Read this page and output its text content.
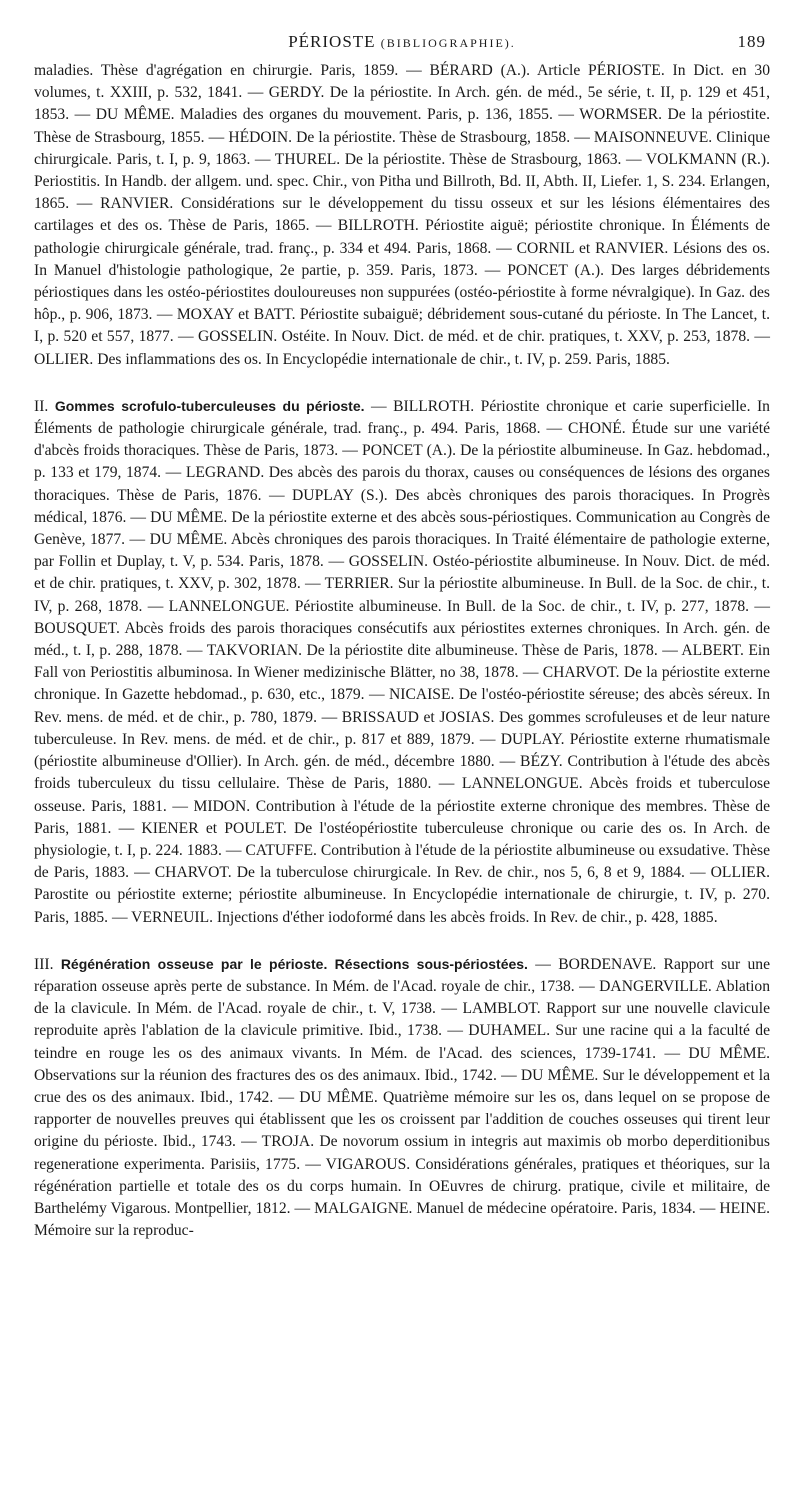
PÉRIOSTE (BIBLIOGRAPHIE).	189

maladies. Thèse d'agrégation en chirurgie. Paris, 1859. — BÉRARD (A.). Article PÉRIOSTE. In Dict. en 30 volumes, t. XXIII, p. 532, 1841. — GERDY. De la périostite. In Arch. gén. de méd., 5e série, t. II, p. 129 et 451, 1853. — DU MÊME. Maladies des organes du mouvement. Paris, p. 136, 1855. — WORMSER. De la périostite. Thèse de Strasbourg, 1855. — HÉDOIN. De la périostite. Thèse de Strasbourg, 1858. — MAISONNEUVE. Clinique chirurgicale. Paris, t. I, p. 9, 1863. — THUREL. De la périostite. Thèse de Strasbourg, 1863. — VOLKMANN (R.). Periostitis. In Handb. der allgem. und. spec. Chir., von Pitha und Billroth, Bd. II, Abth. II, Liefer. 1, S. 234. Erlangen, 1865. — RANVIER. Considérations sur le développement du tissu osseux et sur les lésions élémentaires des cartilages et des os. Thèse de Paris, 1865. — BILLROTH. Périostite aiguë; périostite chronique. In Éléments de pathologie chirurgicale générale, trad. franç., p. 334 et 494. Paris, 1868. — CORNIL et RANVIER. Lésions des os. In Manuel d'histologie pathologique, 2e partie, p. 359. Paris, 1873. — PONCET (A.). Des larges débridements périostiques dans les ostéo-périostites douloureuses non suppurées (ostéo-périostite à forme névralgique). In Gaz. des hôp., p. 906, 1873. — MOXAY et BATT. Périostite subaiguë; débridement sous-cutané du périoste. In The Lancet, t. I, p. 520 et 557, 1877. — GOSSELIN. Ostéite. In Nouv. Dict. de méd. et de chir. pratiques, t. XXV, p. 253, 1878. — OLLIER. Des inflammations des os. In Encyclopédie internationale de chir., t. IV, p. 259. Paris, 1885.

II. Gommes scrofulo-tuberculeuses du périoste. — BILLROTH. Périostite chronique et carie superficielle. In Éléments de pathologie chirurgicale générale, trad. franç., p. 494. Paris, 1868. — CHONÉ. Étude sur une variété d'abcès froids thoraciques. Thèse de Paris, 1873. — PONCET (A.). De la périostite albumineuse. In Gaz. hebdomad., p. 133 et 179, 1874. — LEGRAND. Des abcès des parois du thorax, causes ou conséquences de lésions des organes thoraciques. Thèse de Paris, 1876. — DUPLAY (S.). Des abcès chroniques des parois thoraciques. In Progrès médical, 1876. — DU MÊME. De la périostite externe et des abcès sous-périostiques. Communication au Congrès de Genève, 1877. — DU MÊME. Abcès chroniques des parois thoraciques. In Traité élémentaire de pathologie externe, par Follin et Duplay, t. V, p. 534. Paris, 1878. — GOSSELIN. Ostéo-périostite albumineuse. In Nouv. Dict. de méd. et de chir. pratiques, t. XXV, p. 302, 1878. — TERRIER. Sur la périostite albumineuse. In Bull. de la Soc. de chir., t. IV, p. 268, 1878. — LANNELONGUE. Périostite albumineuse. In Bull. de la Soc. de chir., t. IV, p. 277, 1878. — BOUSQUET. Abcès froids des parois thoraciques consécutifs aux périostites externes chroniques. In Arch. gén. de méd., t. I, p. 288, 1878. — TAKVORIAN. De la périostite dite albumineuse. Thèse de Paris, 1878. — ALBERT. Ein Fall von Periostitis albuminosa. In Wiener medizinische Blätter, no 38, 1878. — CHARVOT. De la périostite externe chronique. In Gazette hebdomad., p. 630, etc., 1879. — NICAISE. De l'ostéo-périostite séreuse; des abcès séreux. In Rev. mens. de méd. et de chir., p. 780, 1879. — BRISSAUD et JOSIAS. Des gommes scrofuleuses et de leur nature tuberculeuse. In Rev. mens. de méd. et de chir., p. 817 et 889, 1879. — DUPLAY. Périostite externe rhumatismale (périostite albumineuse d'Ollier). In Arch. gén. de méd., décembre 1880. — BÉZY. Contribution à l'étude des abcès froids tuberculeux du tissu cellulaire. Thèse de Paris, 1880. — LANNELONGUE. Abcès froids et tuberculose osseuse. Paris, 1881. — MIDON. Contribution à l'étude de la périostite externe chronique des membres. Thèse de Paris, 1881. — KIENER et POULET. De l'ostéopériostite tuberculeuse chronique ou carie des os. In Arch. de physiologie, t. I, p. 224. 1883. — CATUFFE. Contribution à l'étude de la périostite albumineuse ou exsudative. Thèse de Paris, 1883. — CHARVOT. De la tuberculose chirurgicale. In Rev. de chir., nos 5, 6, 8 et 9, 1884. — OLLIER. Parostite ou périostite externe; périostite albumineuse. In Encyclopédie internationale de chirurgie, t. IV, p. 270. Paris, 1885. — VERNEUIL. Injections d'éther iodoformé dans les abcès froids. In Rev. de chir., p. 428, 1885.

III. Régénération osseuse par le périoste. Résections sous-périostées. — BORDENAVE. Rapport sur une réparation osseuse après perte de substance. In Mém. de l'Acad. royale de chir., 1738. — DANGERVILLE. Ablation de la clavicule. In Mém. de l'Acad. royale de chir., t. V, 1738. — LAMBLOT. Rapport sur une nouvelle clavicule reproduite après l'ablation de la clavicule primitive. Ibid., 1738. — DUHAMEL. Sur une racine qui a la faculté de teindre en rouge les os des animaux vivants. In Mém. de l'Acad. des sciences, 1739-1741. — DU MÊME. Observations sur la réunion des fractures des os des animaux. Ibid., 1742. — DU MÊME. Sur le développement et la crue des os des animaux. Ibid., 1742. — DU MÊME. Quatrième mémoire sur les os, dans lequel on se propose de rapporter de nouvelles preuves qui établissent que les os croissent par l'addition de couches osseuses qui tirent leur origine du périoste. Ibid., 1743. — TROJA. De novorum ossium in integris aut maximis ob morbo deperditionibus regeneratione experimenta. Parisiis, 1775. — VIGAROUS. Considérations générales, pratiques et théoriques, sur la régénération partielle et totale des os du corps humain. In OEuvres de chirurg. pratique, civile et militaire, de Barthelémy Vigarous. Montpellier, 1812. — MALGAIGNE. Manuel de médecine opératoire. Paris, 1834. — HEINE. Mémoire sur la reproduc-
